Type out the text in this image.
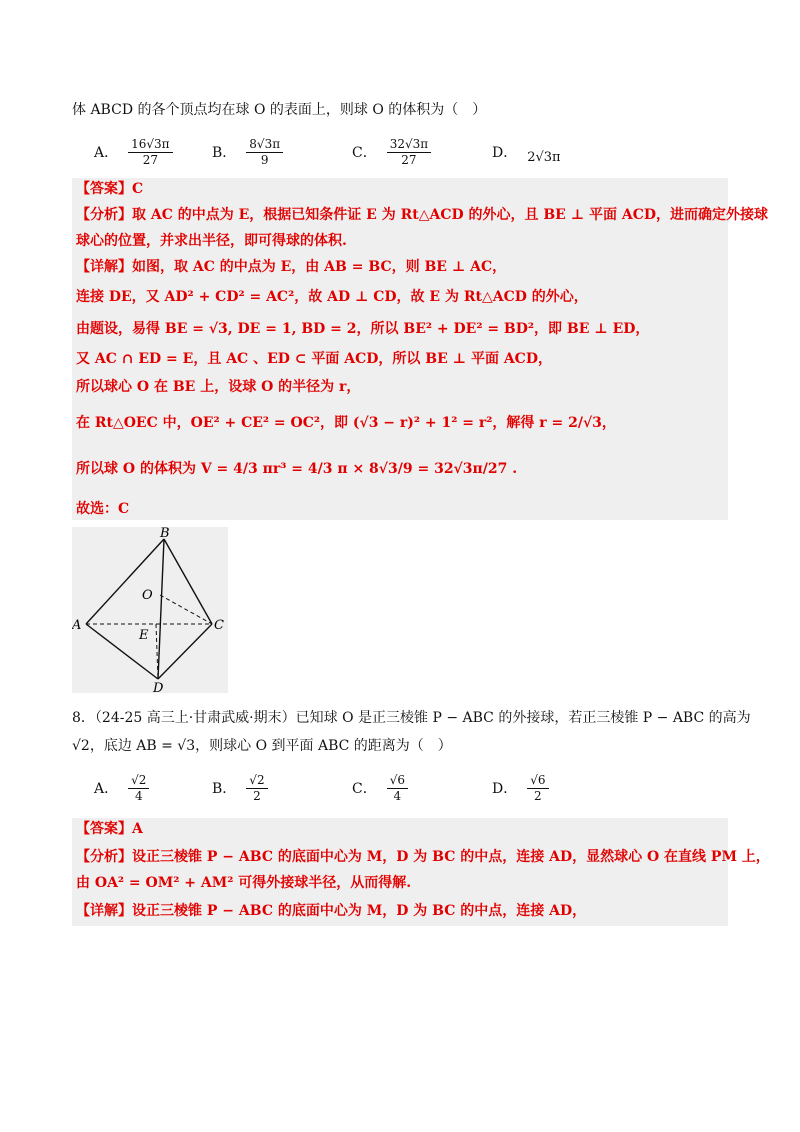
体 ABCD 的各个顶点均在球 O 的表面上，则球 O 的体积为（　）
A． $\frac{16√3\pi}{27}$	B． $\frac{8√3\pi}{9}$	C． $\frac{32√3\pi}{27}$	D． 2√3π
【答案】C
【分析】取 AC 的中点为 E，根据已知条件证 E 为 Rt△ACD 的外心，且 BE ⊥ 平面 ACD，进而确定外接球
球心的位置，并求出半径，即可得球的体积.
【详解】如图，取 AC 的中点为 E，由 AB = BC，则 BE ⊥ AC，
连接 DE，又 AD² + CD² = AC²，故 AD ⊥ CD，故 E 为 Rt△ACD 的外心，
由题设，易得 BE = √3, DE = 1, BD = 2，所以 BE² + DE² = BD²，即 BE ⊥ ED，
又 AC ∩ ED = E，且 AC 、ED ⊂ 平面 ACD，所以 BE ⊥ 平面 ACD，
所以球心 O 在 BE 上，设球 O 的半径为 r，
在 Rt△OEC 中，OE² + CE² = OC²，即 (√3 − r)² + 1² = r²，解得 r = 2/√3，
所以球 O 的体积为 V = 4/3 πr³ = 4/3 π × 8√3/9 = 32√3π/27 .
故选：C
B
O
A
E
C
D
8．（24-25 高三上·甘肃武威·期末）已知球 O 是正三棱锥 P − ABC 的外接球，若正三棱锥 P − ABC 的高为
√2，底边 AB = √3，则球心 O 到平面 ABC 的距离为（　）
A． $\frac{√2}{4}$	B． $\frac{√2}{2}$	C． $\frac{√6}{4}$	D． $\frac{√6}{2}$
【答案】A
【分析】设正三棱锥 P − ABC 的底面中心为 M，D 为 BC 的中点，连接 AD，显然球心 O 在直线 PM 上，
由 OA² = OM² + AM² 可得外接球半径，从而得解.
【详解】设正三棱锥 P − ABC 的底面中心为 M，D 为 BC 的中点，连接 AD，
